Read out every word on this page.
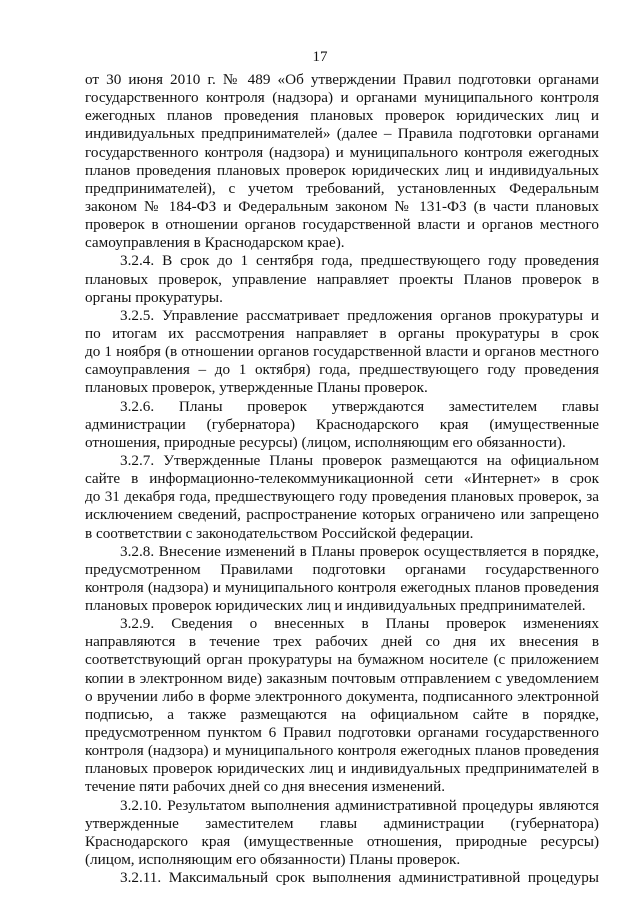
17
от 30 июня 2010 г. № 489 «Об утверждении Правил подготовки органами
государственного контроля (надзора) и органами муниципального контроля
ежегодных планов проведения плановых проверок юридических лиц и
индивидуальных предпринимателей» (далее – Правила подготовки органами
государственного контроля (надзора) и муниципального контроля ежегодных
планов проведения плановых проверок юридических лиц и индивидуальных
предпринимателей), с учетом требований, установленных Федеральным
законом № 184-ФЗ и Федеральным законом № 131-ФЗ (в части плановых
проверок в отношении органов государственной власти и органов местного
самоуправления в Краснодарском крае).
3.2.4. В срок до 1 сентября года, предшествующего году проведения
плановых проверок, управление направляет проекты Планов проверок в
органы прокуратуры.
3.2.5. Управление рассматривает предложения органов прокуратуры и
по итогам их рассмотрения направляет в органы прокуратуры в срок
до 1 ноября (в отношении органов государственной власти и органов местного
самоуправления – до 1 октября) года, предшествующего году проведения
плановых проверок, утвержденные Планы проверок.
3.2.6. Планы проверок утверждаются заместителем главы
администрации (губернатора) Краснодарского края (имущественные
отношения, природные ресурсы) (лицом, исполняющим его обязанности).
3.2.7. Утвержденные Планы проверок размещаются на официальном
сайте в информационно-телекоммуникационной сети «Интернет» в срок
до 31 декабря года, предшествующего году проведения плановых проверок, за
исключением сведений, распространение которых ограничено или запрещено
в соответствии с законодательством Российской федерации.
3.2.8. Внесение изменений в Планы проверок осуществляется в порядке,
предусмотренном Правилами подготовки органами государственного
контроля (надзора) и муниципального контроля ежегодных планов проведения
плановых проверок юридических лиц и индивидуальных предпринимателей.
3.2.9. Сведения о внесенных в Планы проверок изменениях
направляются в течение трех рабочих дней со дня их внесения в
соответствующий орган прокуратуры на бумажном носителе (с приложением
копии в электронном виде) заказным почтовым отправлением с уведомлением
о вручении либо в форме электронного документа, подписанного электронной
подписью, а также размещаются на официальном сайте в порядке,
предусмотренном пунктом 6 Правил подготовки органами государственного
контроля (надзора) и муниципального контроля ежегодных планов проведения
плановых проверок юридических лиц и индивидуальных предпринимателей в
течение пяти рабочих дней со дня внесения изменений.
3.2.10. Результатом выполнения административной процедуры являются
утвержденные заместителем главы администрации (губернатора)
Краснодарского края (имущественные отношения, природные ресурсы)
(лицом, исполняющим его обязанности) Планы проверок.
3.2.11. Максимальный срок выполнения административной процедуры
